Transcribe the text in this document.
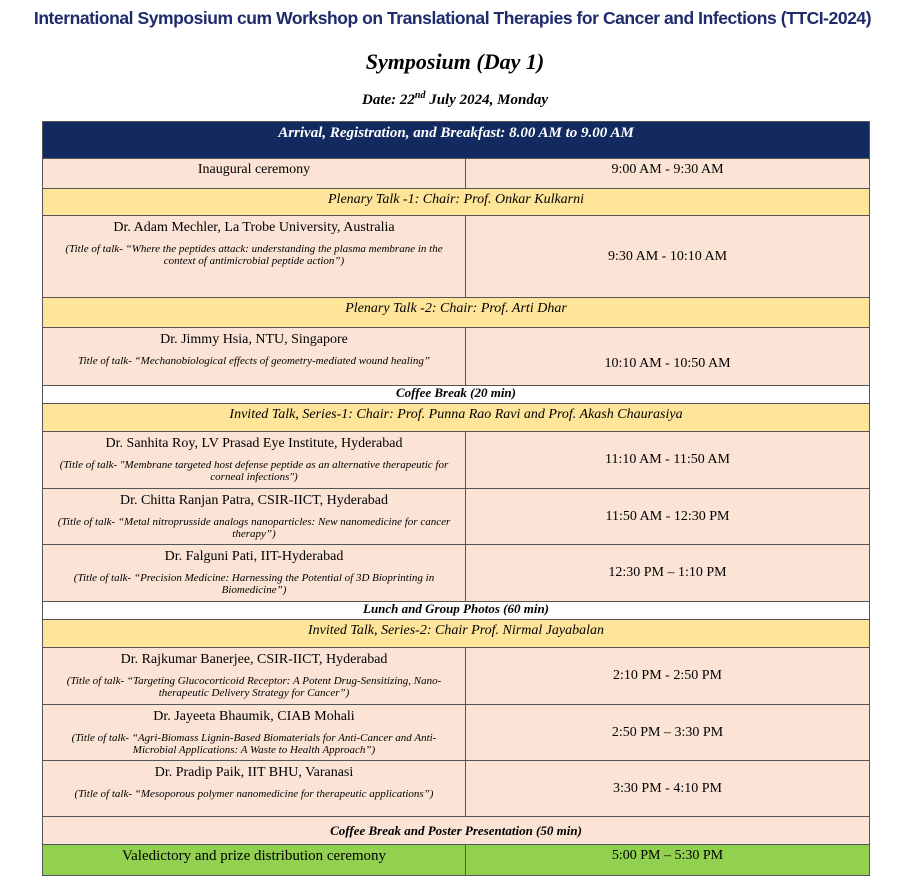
International Symposium cum Workshop on Translational Therapies for Cancer and Infections (TTCI-2024)
Symposium (Day 1)
Date: 22nd July 2024, Monday
Arrival, Registration, and Breakfast: 8.00 AM to 9.00 AM	
Inaugural ceremony	9:00 AM - 9:30 AM
Plenary Talk -1: Chair: Prof. Onkar Kulkarni	

Dr. Adam Mechler, La Trobe University, Australia
(Title of talk- “Where the peptides attack: understanding the plasma membrane in the context of antimicrobial peptide action”)	9:30 AM - 10:10 AM
Plenary Talk -2: Chair: Prof. Arti Dhar	

Dr. Jimmy Hsia, NTU, Singapore
Title of talk- “Mechanobiological effects of geometry-mediated wound healing”	10:10 AM - 10:50 AM
Coffee Break (20 min)	
Invited Talk, Series-1: Chair: Prof. Punna Rao Ravi and Prof. Akash Chaurasiya	

Dr. Sanhita Roy, LV Prasad Eye Institute, Hyderabad
(Title of talk- "Membrane targeted host defense peptide as an alternative therapeutic for corneal infections")	11:10 AM - 11:50 AM

Dr. Chitta Ranjan Patra, CSIR-IICT, Hyderabad
(Title of talk- “Metal nitroprusside analogs nanoparticles: New nanomedicine for cancer therapy”)	11:50 AM - 12:30 PM

Dr. Falguni Pati, IIT-Hyderabad
(Title of talk- “Precision Medicine: Harnessing the Potential of 3D Bioprinting in Biomedicine”)	12:30 PM – 1:10 PM
Lunch and Group Photos (60 min)	
Invited Talk, Series-2: Chair Prof. Nirmal Jayabalan	

Dr. Rajkumar Banerjee, CSIR-IICT, Hyderabad
(Title of talk- “Targeting Glucocorticoid Receptor: A Potent Drug-Sensitizing, Nano-therapeutic Delivery Strategy for Cancer”)	2:10 PM - 2:50 PM

Dr. Jayeeta Bhaumik, CIAB Mohali
(Title of talk- “Agri-Biomass Lignin-Based Biomaterials for Anti-Cancer and Anti-Microbial Applications: A Waste to Health Approach”)	2:50 PM – 3:30 PM

Dr. Pradip Paik, IIT BHU, Varanasi
(Title of talk- “Mesoporous polymer nanomedicine for therapeutic applications”)	3:30 PM - 4:10 PM
Coffee Break and Poster Presentation (50 min)	
Valedictory and prize distribution ceremony	5:00 PM – 5:30 PM
